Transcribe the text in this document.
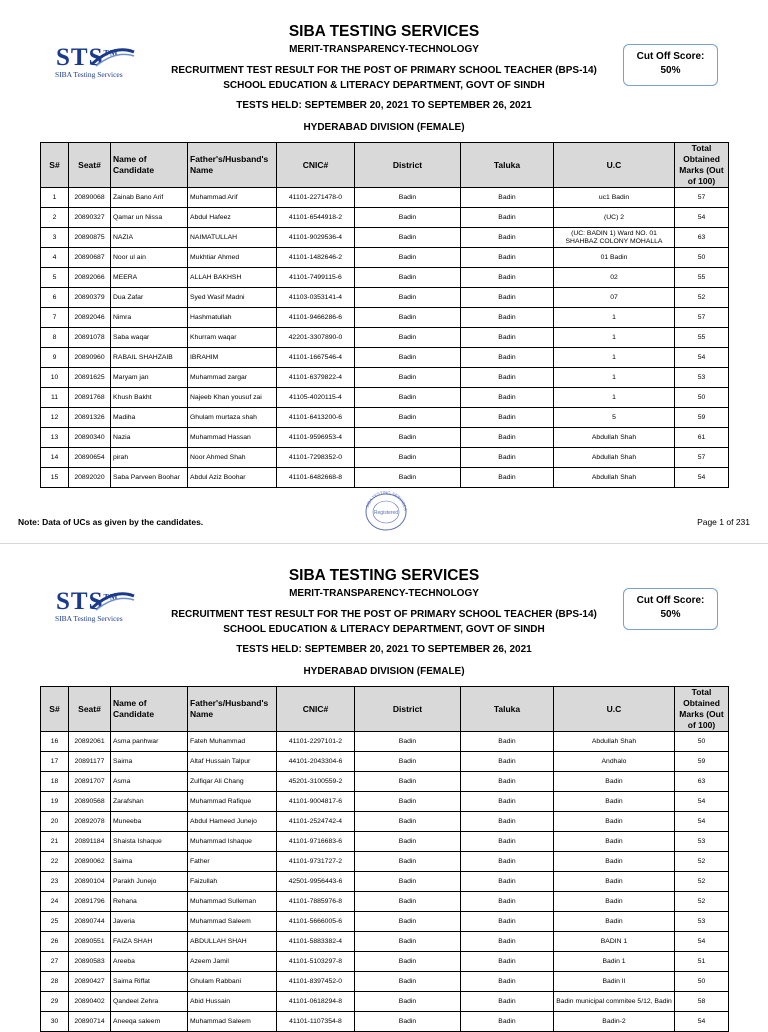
STS™
SIBA Testing Services
SIBA TESTING SERVICES
MERIT-TRANSPARENCY-TECHNOLOGY
RECRUITMENT TEST RESULT FOR THE POST OF PRIMARY SCHOOL TEACHER (BPS-14)
SCHOOL EDUCATION & LITERACY DEPARTMENT, GOVT OF SINDH
TESTS HELD: SEPTEMBER 20, 2021 TO SEPTEMBER 26, 2021
HYDERABAD DIVISION (FEMALE)
Cut Off Score:
50%
S#	Seat#	Name of Candidate	Father's/Husband's Name	CNIC#	District	Taluka	U.C	Total Obtained Marks (Out of 100)
1	20890068	Zainab Bano Arif	Muhammad Arif	41101-2271478-0	Badin	Badin	uc1 Badin	57
2	20890327	Qamar un Nissa	Abdul Hafeez	41101-6544918-2	Badin	Badin	(UC) 2	54
3	20890875	NAZIA	NAIMATULLAH	41101-9029536-4	Badin	Badin	(UC: BADIN 1) Ward NO. 01 SHAHBAZ COLONY MOHALLA	63
4	20890687	Noor ul ain	Mukhtiar Ahmed	41101-1482646-2	Badin	Badin	01 Badin	50
5	20892066	MEERA	ALLAH BAKHSH	41101-7499115-6	Badin	Badin	02	55
6	20890379	Dua Zafar	Syed Wasif Madni	41103-0353141-4	Badin	Badin	07	52
7	20892046	Nimra	Hashmatullah	41101-9466286-6	Badin	Badin	1	57
8	20891078	Saba waqar	Khurram waqar	42201-3307890-0	Badin	Badin	1	55
9	20890960	RABAIL SHAHZAIB	IBRAHIM	41101-1667546-4	Badin	Badin	1	54
10	20891625	Maryam jan	Muhammad zargar	41101-6379822-4	Badin	Badin	1	53
11	20891768	Khush Bakht	Najeeb Khan yousuf zai	41105-4020115-4	Badin	Badin	1	50
12	20891326	Madiha	Ghulam murtaza shah	41101-6413200-6	Badin	Badin	5	59
13	20890340	Nazia	Muhammad Hassan	41101-9596953-4	Badin	Badin	Abdullah Shah	61
14	20890654	pirah	Noor Ahmed Shah	41101-7298352-0	Badin	Badin	Abdullah Shah	57
15	20892020	Saba Parveen Boohar	Abdul Aziz Boohar	41101-6482668-8	Badin	Badin	Abdullah Shah	54
SIBA TESTING SERVICES
Registered
Note: Data of UCs as given by the candidates.	Page 1 of 231
STS™
SIBA Testing Services
SIBA TESTING SERVICES
MERIT-TRANSPARENCY-TECHNOLOGY
RECRUITMENT TEST RESULT FOR THE POST OF PRIMARY SCHOOL TEACHER (BPS-14)
SCHOOL EDUCATION & LITERACY DEPARTMENT, GOVT OF SINDH
TESTS HELD: SEPTEMBER 20, 2021 TO SEPTEMBER 26, 2021
HYDERABAD DIVISION (FEMALE)
Cut Off Score:
50%
S#	Seat#	Name of Candidate	Father's/Husband's Name	CNIC#	District	Taluka	U.C	Total Obtained Marks (Out of 100)
16	20892061	Asma panhwar	Fateh Muhammad	41101-2297101-2	Badin	Badin	Abdullah Shah	50
17	20891177	Saima	Altaf Hussain Talpur	44101-2043304-6	Badin	Badin	Andhalo	59
18	20891707	Asma	Zulfiqar Ali Chang	45201-3100559-2	Badin	Badin	Badin	63
19	20890568	Zarafshan	Muhammad Rafique	41101-9004817-6	Badin	Badin	Badin	54
20	20892078	Muneeba	Abdul Hameed Junejo	41101-2524742-4	Badin	Badin	Badin	54
21	20891184	Shaista Ishaque	Muhammad Ishaque	41101-9716683-6	Badin	Badin	Badin	53
22	20890062	Saima	Father	41101-9731727-2	Badin	Badin	Badin	52
23	20890104	Parakh Junejo	Faizullah	42501-9956443-6	Badin	Badin	Badin	52
24	20891796	Rehana	Muhammad Sulleman	41101-7885976-8	Badin	Badin	Badin	52
25	20890744	Javeria	Muhammad Saleem	41101-5666005-6	Badin	Badin	Badin	53
26	20890551	FAIZA SHAH	ABDULLAH SHAH	41101-5883382-4	Badin	Badin	BADIN 1	54
27	20890583	Areeba	Azeem Jamil	41101-5103297-8	Badin	Badin	Badin 1	51
28	20890427	Saima Riffat	Ghulam Rabbani	41101-8397452-0	Badin	Badin	Badin II	50
29	20890402	Qandeel Zehra	Abid Hussain	41101-0618294-8	Badin	Badin	Badin municipal commitee 5/12, Badin	58
30	20890714	Aneeqa saleem	Muhammad Saleem	41101-1107354-8	Badin	Badin	Badin-2	54
